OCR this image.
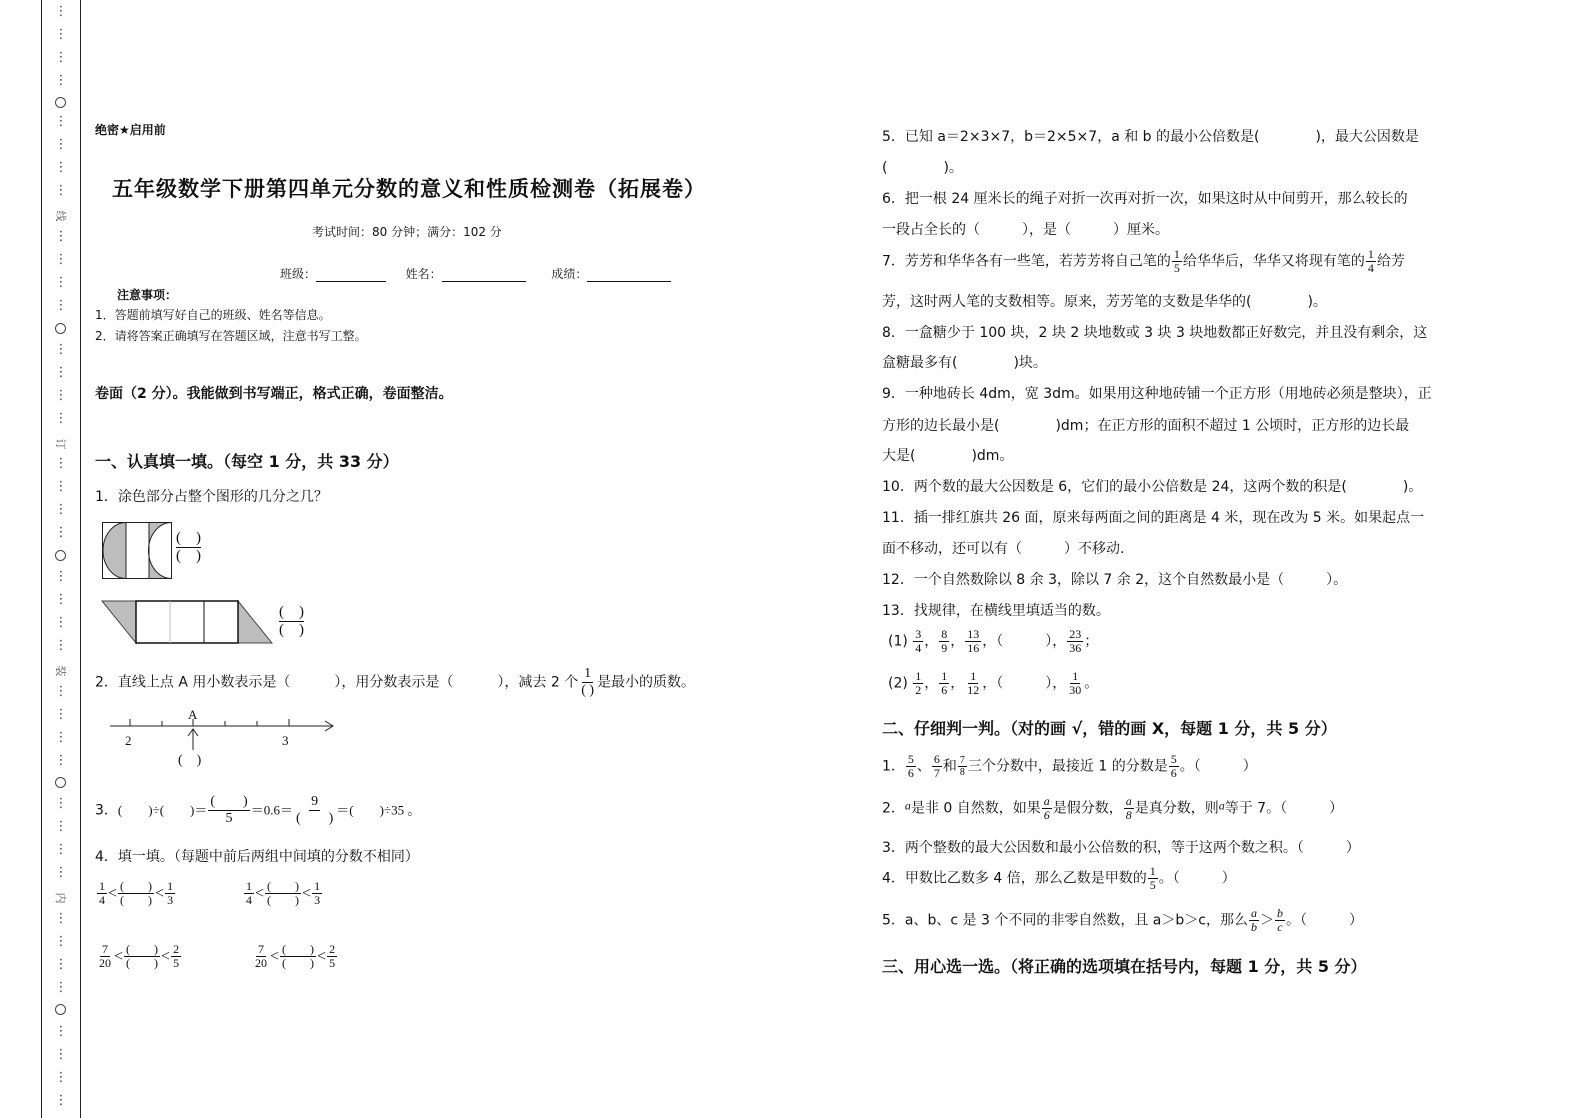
⋮
⋮
⋮
⋮
⋮
⋮
⋮
⋮
线
⋮
⋮
⋮
⋮
⋮
⋮
⋮
⋮
订
⋮
⋮
⋮
⋮
⋮
⋮
⋮
⋮
装
⋮
⋮
⋮
⋮
⋮
⋮
⋮
⋮
内
⋮
⋮
⋮
⋮
⋮
⋮
⋮
⋮
绝密★启用前
五年级数学下册第四单元分数的意义和性质检测卷（拓展卷）
考试时间：80 分钟；满分：102 分
班级：	姓名：	成绩：
注意事项：
1．答题前填写好自己的班级、姓名等信息。
2．请将答案正确填写在答题区域，注意书写工整。
卷面（2 分）。我能做到书写端正，格式正确，卷面整洁。
一、认真填一填。（每空 1 分，共 33 分）
1．涂色部分占整个图形的几分之几？
(　)
(　)
(　)
(　)
2．直线上点 A 用小数表示是（	），用分数表示是（	），减去 2 个 $\frac{1}{( )}$ 是最小的质数。
A
2	3
(　)
3．(　　)÷(　　)＝ $\frac{( )}{5} =0.6= \frac{9}{( )}$ ＝(　　)÷35 。
4．填一填。（每题中前后两组中间填的分数不相同）
$\frac{1}{4} < \frac{( )}{( )} < \frac{1}{3}$	$\frac{1}{4} < \frac{( )}{( )} < \frac{1}{3}$
$\frac{7}{20} < \frac{( )}{( )} < \frac{2}{5}$	$\frac{7}{20} < \frac{( )}{( )} < \frac{2}{5}$
5．已知 a＝2×3×7，b＝2×5×7，a 和 b 的最小公倍数是(　　　　)，最大公因数是
(　　　　)。
6．把一根 24 厘米长的绳子对折一次再对折一次，如果这时从中间剪开，那么较长的
一段占全长的（　　　），是（　　　）厘米。
7．芳芳和华华各有一些笔，若芳芳将自己笔的 $\frac{1}{5}$ 给华华后，华华又将现有笔的 $\frac{1}{4}$ 给芳
芳，这时两人笔的支数相等。原来，芳芳笔的支数是华华的(　　　　)。
8．一盒糖少于 100 块，2 块 2 块地数或 3 块 3 块地数都正好数完，并且没有剩余，这
盒糖最多有(　　　　)块。
9．一种地砖长 4dm，宽 3dm。如果用这种地砖铺一个正方形（用地砖必须是整块），正
方形的边长最小是(　　　　)dm；在正方形的面积不超过 1 公顷时，正方形的边长最
大是(　　　　)dm。
10．两个数的最大公因数是 6，它们的最小公倍数是 24，这两个数的积是(　　　　)。
11．插一排红旗共 26 面，原来每两面之间的距离是 4 米，现在改为 5 米。如果起点一
面不移动，还可以有（　　　）不移动.
12．一个自然数除以 8 余 3，除以 7 余 2，这个自然数最小是（　　　）。
13．找规律，在横线里填适当的数。
$(1) \frac{3}{4}$ ， $\frac{8}{9}$ ， $\frac{13}{16}$ ，（　　　）， $\frac{23}{36}$ ；
$(2) \frac{1}{2}$ ， $\frac{1}{6}$ ， $\frac{1}{12}$ ，（　　　）， $\frac{1}{30}$ 。
二、仔细判一判。（对的画 √，错的画 X，每题 1 分，共 5 分）
1． $\frac{5}{6}$ 、 $\frac{6}{7}$ 和 $\frac{7}{8}$ 三个分数中，最接近 1 的分数是 $\frac{5}{6}$ 。（　　　）
2．a是非 0 自然数，如果 $\frac{a}{6}$ 是假分数， $\frac{a}{8}$ 是真分数，则a等于 7。（　　　）
3．两个整数的最大公因数和最小公倍数的积，等于这两个数之积。（　　　）
4．甲数比乙数多 4 倍，那么乙数是甲数的 $\frac{1}{5}$ 。（　　　）
5．a、b、c 是 3 个不同的非零自然数，且 a＞b＞c，那么 $\frac{a}{b} > \frac{b}{c}$ 。（　　　）
三、用心选一选。（将正确的选项填在括号内，每题 1 分，共 5 分）
